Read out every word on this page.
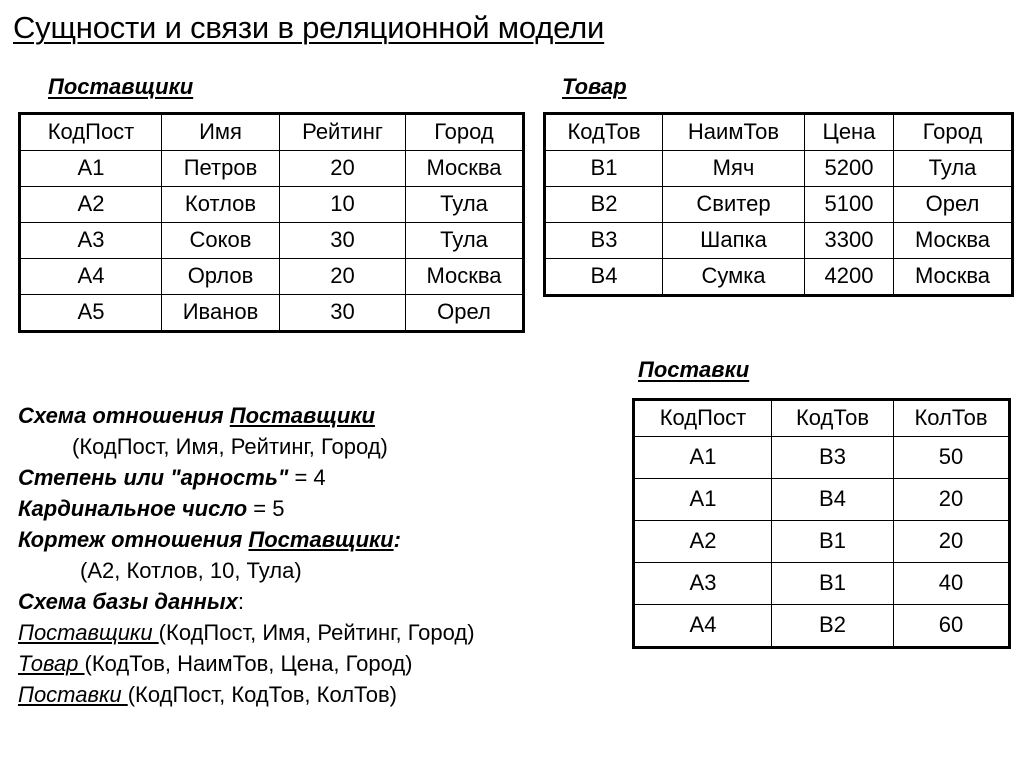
Сущности и связи в реляционной модели
Поставщики
КодПост	Имя	Рейтинг	Город
A1	Петров	20	Москва
A2	Котлов	10	Тула
A3	Соков	30	Тула
A4	Орлов	20	Москва
A5	Иванов	30	Орел
Товар
КодТов	НаимТов	Цена	Город
B1	Мяч	5200	Тула
B2	Свитер	5100	Орел
B3	Шапка	3300	Москва
B4	Сумка	4200	Москва
Поставки
КодПост	КодТов	КолТов
A1	B3	50
A1	B4	20
A2	B1	20
A3	B1	40
A4	B2	60
Схема отношения Поставщики
(КодПост, Имя, Рейтинг, Город)
Степень или "арность" = 4
Кардинальное число = 5
Кортеж отношения Поставщики:
(A2, Котлов, 10, Тула)
Схема базы данных:
Поставщики (КодПост, Имя, Рейтинг, Город)
Товар (КодТов, НаимТов, Цена, Город)
Поставки (КодПост, КодТов, КолТов)
